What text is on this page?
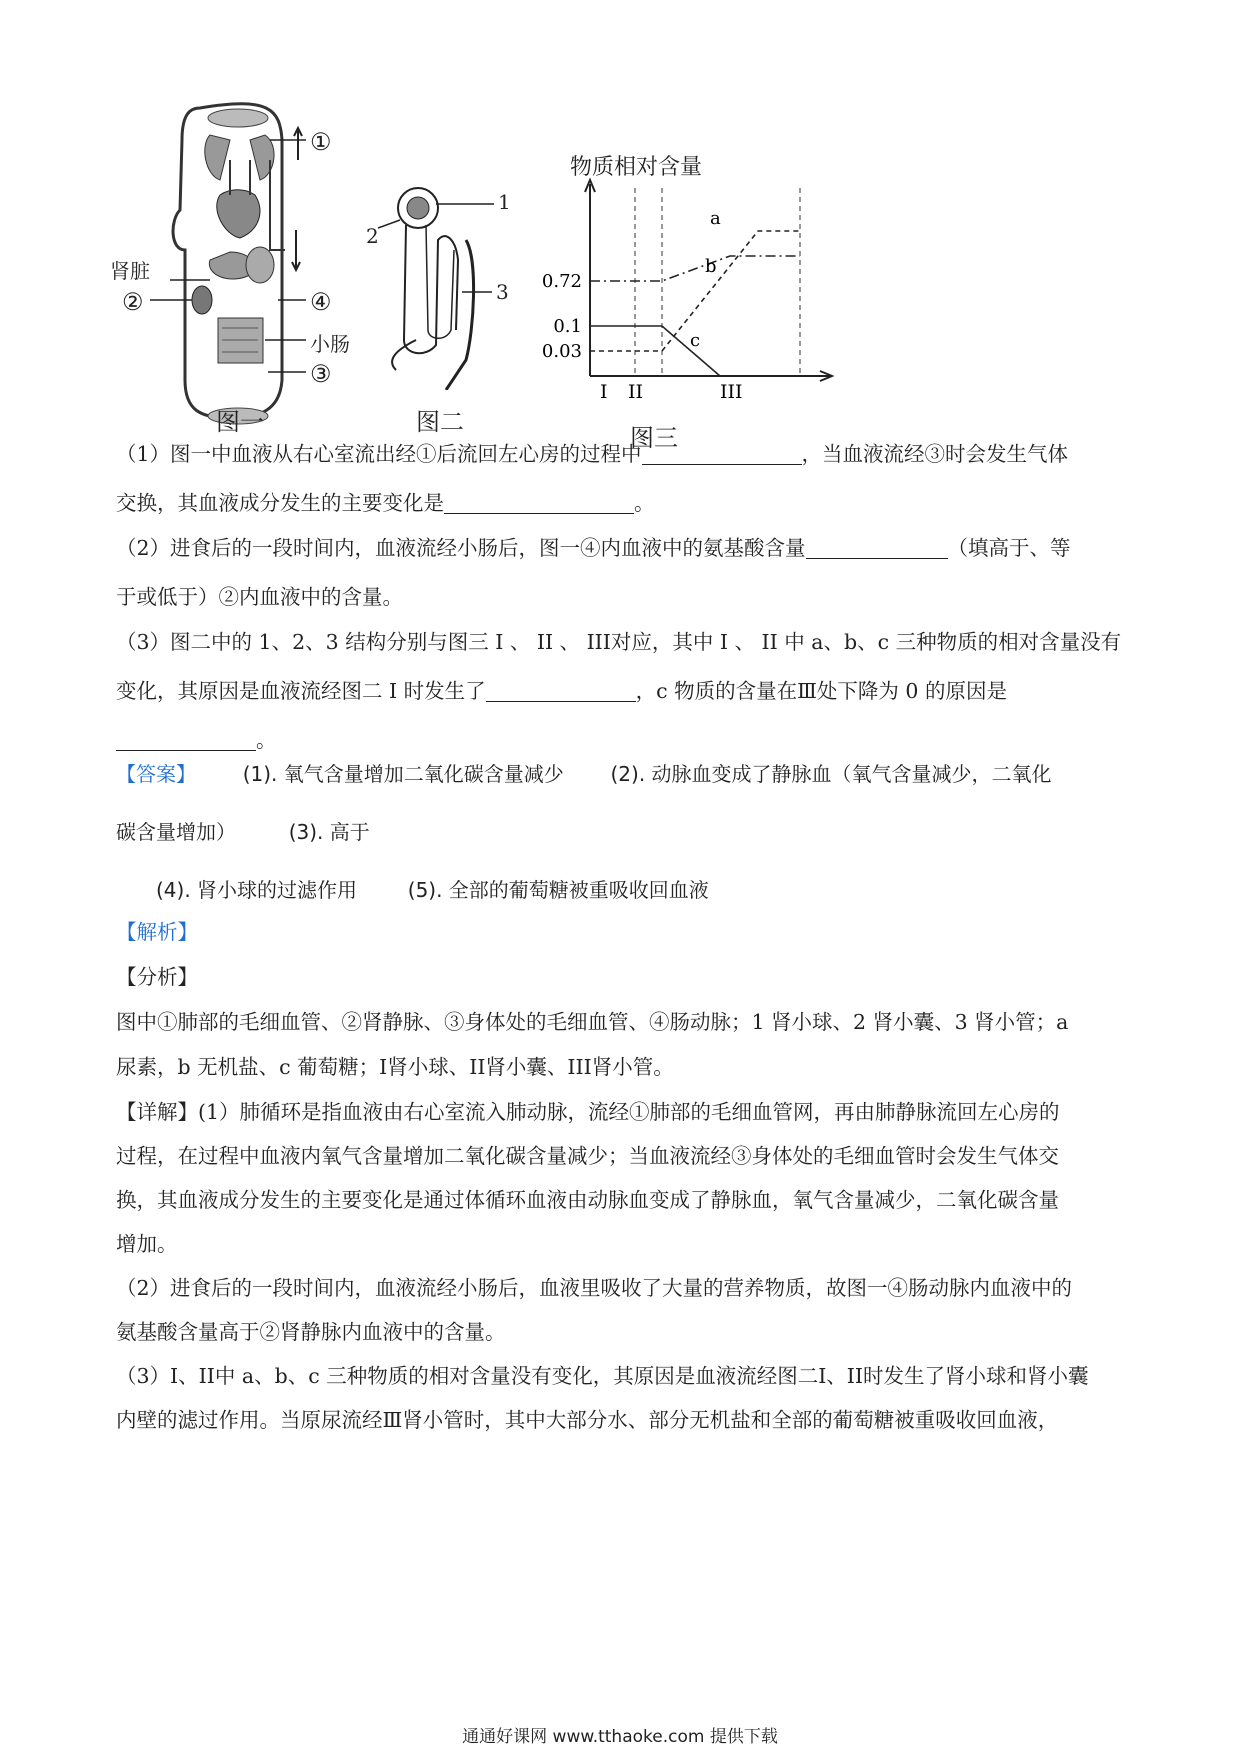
①
肾脏
②	④
小肠
③
图一
1
2
3
图二
物质相对含量
0.72
0.1
0.03
I II	III
a
b
c
图三
（1）图一中血液从右心室流出经①后流回左心房的过程中	，当血液流经③时会发生气体
交换，其血液成分发生的主要变化是	。
（2）进食后的一段时间内，血液流经小肠后，图一④内血液中的氨基酸含量	（填高于、等
于或低于）②内血液中的含量。
（3）图二中的 1、2、3 结构分别与图三 I 、 II 、 III对应，其中 I 、 II 中 a、b、c 三种物质的相对含量没有
变化，其原因是血液流经图二 I 时发生了	，c 物质的含量在Ⅲ处下降为 0 的原因是
。
【答案】 (1). 氧气含量增加二氧化碳含量减少 (2). 动脉血变成了静脉血（氧气含量减少，二氧化
碳含量增加）	(3). 高于
(4). 肾小球的过滤作用	(5). 全部的葡萄糖被重吸收回血液
【解析】
【分析】
图中①肺部的毛细血管、②肾静脉、③身体处的毛细血管、④肠动脉；1 肾小球、2 肾小囊、3 肾小管；a
尿素，b 无机盐、c 葡萄糖；I肾小球、II肾小囊、III肾小管。
【详解】(1）肺循环是指血液由右心室流入肺动脉，流经①肺部的毛细血管网，再由肺静脉流回左心房的
过程，在过程中血液内氧气含量增加二氧化碳含量减少；当血液流经③身体处的毛细血管时会发生气体交
换，其血液成分发生的主要变化是通过体循环血液由动脉血变成了静脉血，氧气含量减少，二氧化碳含量
增加。
（2）进食后的一段时间内，血液流经小肠后，血液里吸收了大量的营养物质，故图一④肠动脉内血液中的
氨基酸含量高于②肾静脉内血液中的含量。
（3）I、II中 a、b、c 三种物质的相对含量没有变化，其原因是血液流经图二I、II时发生了肾小球和肾小囊
内壁的滤过作用。当原尿流经Ⅲ肾小管时，其中大部分水、部分无机盐和全部的葡萄糖被重吸收回血液，
通通好课网 www.tthaoke.com 提供下载
